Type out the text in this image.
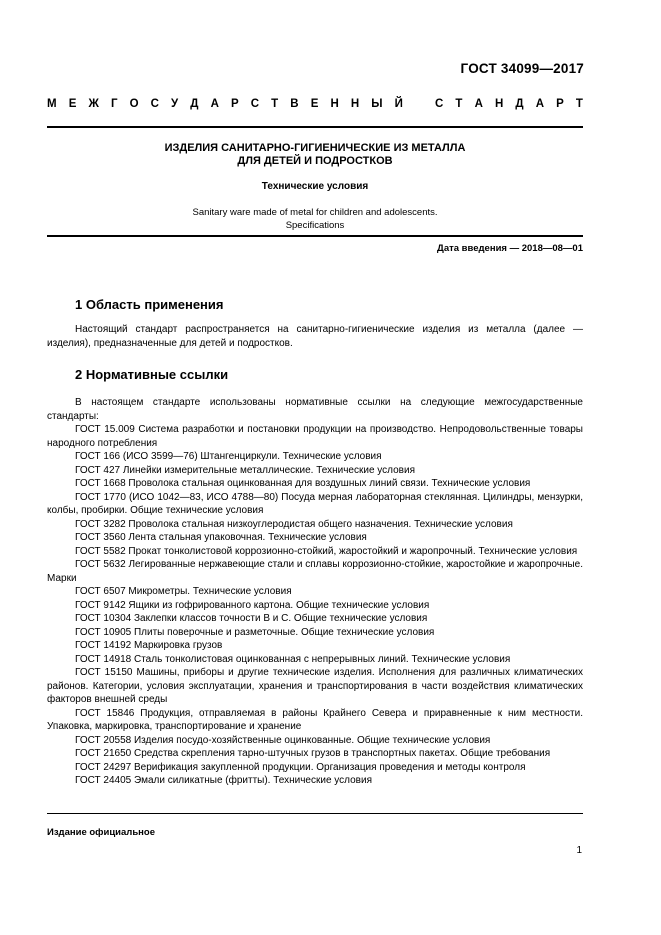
ГОСТ 34099—2017
М Е Ж Г О С У Д А Р С Т В Е Н Н Ы Й	С Т А Н Д А Р Т
ИЗДЕЛИЯ САНИТАРНО-ГИГИЕНИЧЕСКИЕ ИЗ МЕТАЛЛА
ДЛЯ ДЕТЕЙ И ПОДРОСТКОВ
Технические условия
Sanitary ware made of metal for children and adolescents.
Specifications
Дата введения — 2018—08—01
1 Область применения

Настоящий стандарт распространяется на санитарно-гигиенические изделия из металла (далее — изделия), предназначенные для детей и подростков.

2 Нормативные ссылки

В настоящем стандарте использованы нормативные ссылки на следующие межгосударственные стандарты:

ГОСТ 15.009 Система разработки и постановки продукции на производство. Непродовольственные товары народного потребления

ГОСТ 166 (ИСО 3599—76) Штангенциркули. Технические условия

ГОСТ 427 Линейки измерительные металлические. Технические условия

ГОСТ 1668 Проволока стальная оцинкованная для воздушных линий связи. Технические условия

ГОСТ 1770 (ИСО 1042—83, ИСО 4788—80) Посуда мерная лабораторная стеклянная. Цилиндры, мензурки, колбы, пробирки. Общие технические условия

ГОСТ 3282 Проволока стальная низкоуглеродистая общего назначения. Технические условия

ГОСТ 3560 Лента стальная упаковочная. Технические условия

ГОСТ 5582 Прокат тонколистовой коррозионно-стойкий, жаростойкий и жаропрочный. Технические условия

ГОСТ 5632 Легированные нержавеющие стали и сплавы коррозионно-стойкие, жаростойкие и жаропрочные. Марки

ГОСТ 6507 Микрометры. Технические условия

ГОСТ 9142 Ящики из гофрированного картона. Общие технические условия

ГОСТ 10304 Заклепки классов точности В и С. Общие технические условия

ГОСТ 10905 Плиты поверочные и разметочные. Общие технические условия

ГОСТ 14192 Маркировка грузов

ГОСТ 14918 Сталь тонколистовая оцинкованная с непрерывных линий. Технические условия

ГОСТ 15150 Машины, приборы и другие технические изделия. Исполнения для различных климатических районов. Категории, условия эксплуатации, хранения и транспортирования в части воздействия климатических факторов внешней среды

ГОСТ 15846 Продукция, отправляемая в районы Крайнего Севера и приравненные к ним местности. Упаковка, маркировка, транспортирование и хранение

ГОСТ 20558 Изделия посудо-хозяйственные оцинкованные. Общие технические условия

ГОСТ 21650 Средства скрепления тарно-штучных грузов в транспортных пакетах. Общие требования

ГОСТ 24297 Верификация закупленной продукции. Организация проведения и методы контроля

ГОСТ 24405 Эмали силикатные (фритты). Технические условия

Издание официальное
1
